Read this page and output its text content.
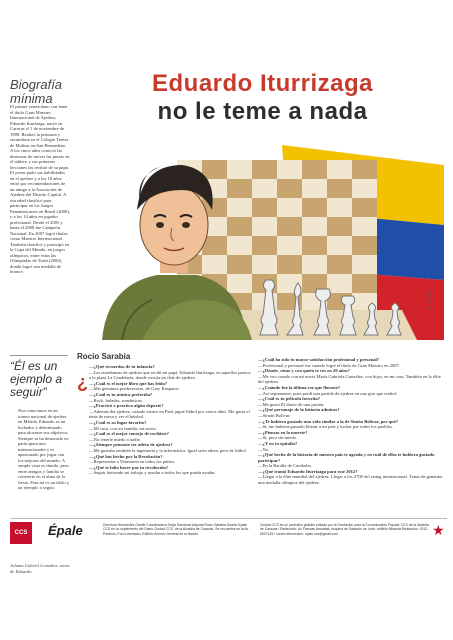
Biografía mínima
El primer venezolano con tener el título Gran Maestro Internacional de Ajedrez, Eduardo Iturrizaga, nació en Caracas el 1 de noviembre de 1989. Realizó la primaria y secundaria en el Colegio Teresa de Molina, en San Bernardino. A los cinco años conoció las destrezas de mover las piezas en el tablero y sus primeras lecciones las recibió de su papá. El joven pudo sus habilidades en el ajedrez y a los 10 años entró por recomendaciones de un amigo a la Asociación de Ajedrez del Distrito Capital. A esa edad clasificó para participar en los Juegos Panamericanos en Brasil (2000), y a los 14 años en jugador profesional. Desde el 2005 y hasta el 2008 fue Campeón Nacional. En 2007 logró títulos como Maestro Internacional. También clasificó y participó en la Copa del Mundo, en juegos olímpicos, entre estas las Olimpiadas de Turín (2006), donde logró una medalla de bronce.
“Él es un ejemplo a seguir”
Nos conocimos en un torneo nacional de ajedrez en Mérida. Eduardo es un luchador y determinado para alcanzar sus objetivos. Siempre se ha destacado en participaciones internacionales y es apasionado por jugar con los mejores del mundo. A simple vista es tímido, pero entre amigos y familia se convierte en el alma de la fiesta. Para mí es un ídolo y un ejemplo a seguir.
Johana Gabriel González, novia de Eduardo.
Eduardo Iturrizaga
no le teme a nada
Rocío Sarabia
¿

—¿Qué recuerdas de tu infancia?

—Las enseñanzas de ajedrez que recibí mi papá, Eduardo Iturrizaga, en aquellos paseos a la plaza La Candelaria, donde existía un club de ajedrez.

—¿Cuál es el mejor libro que has leído?

—Mis genuinos predecesores, de Gary Kasparov.

—¿Cuál es tu música preferida?

—Rock, baladas, románticas.

—¿Practicó o practica algún deporte?

—Además del ajedrez, cuando estuve en Perú jugué fútbol por varios años. Me gusta el tenis de mesa y ver el béisbol.

—¿Cuál es su lugar favorito?

—Mi casa, con mi familia, mi novia.

—¿Cuál es el mejor consejo de recibiste?

—No tenerle miedo a nadie.

—¿Siempre pensaste ser atleta de ajedrez?

—Me gustaba también la ingeniería y la informática. Igual sería atleta, pero de fútbol.

—¿Qué has hecho por la Revolución?

—Representar a Venezuela en todos los países.

—¿Qué te falta hacer por tu revolución?

—Seguir haciendo mi trabajo y ayudar a todos los que pueda ayudar.

—¿Cuál ha sido tu mayor satisfacción profesional y personal?

—Profesional y personal fue cuando logré el título de Gran Maestro en 2007.

—¿Dónde, cómo y con quién te ves en 20 años?

—Me veo casado con mi novia María Gabriela González, con hijos, en mi casa. También en la élite del ajedrez.

—¿Cuándo fue la última vez que lloraste?

—Así sepiamente, pues perdí una partida de ajedrez en una gira que realicé.

—¿Cuál es tu película favorita?

—Me gustó El diario de una pasión.

—¿Qué personaje de la historia admiras?

—Simón Bolívar.

—¿Te hubiera gustado una vida similar a la de Simón Bolívar, por qué?

—Sí, me hubiera gustado liberar a mi país y luchar por todos los pueblos.

—¿Piensas en la muerte?

—Sí, pero sin miedo.

—¿Y en tu epitafio?

—No.

—¿Qué hecho de la historia de nuestro país te agrada y en cuál de ellos te hubiera gustado participar?

—En la Batalla de Carabobo.

—¿Qué tramó Eduardo Iturrizaga para este 2012?

—Llegar a la élite mundial del ajedrez. Llegar a los 2700 del rating internacional. Tratar de ganarme una medalla olímpica del ajedrez.

CCS	Épale	Directora Hernández Orsetti Coordinadora Delys Sandoval Adjunta Rocío Sarabia Diseño Epale CCS es un suplemento del Diario Ciudad CCS, de la Alcaldía de Caracas. Se encuentra en la Av. Panteón, Foro Libertador, Edificio Archivo General de la Nación.
Ciudad CCS es un periódico gratuito editado por la Fundación para la Comunicación Popular CCS de la Alcaldía de Caracas / Redacción: Av Fuerzas Armadas, esquina de Salvador de León, edificio Miranda Redacción: 0212-8007145 / correo electrónico: epale.ccs@gmail.com	★
